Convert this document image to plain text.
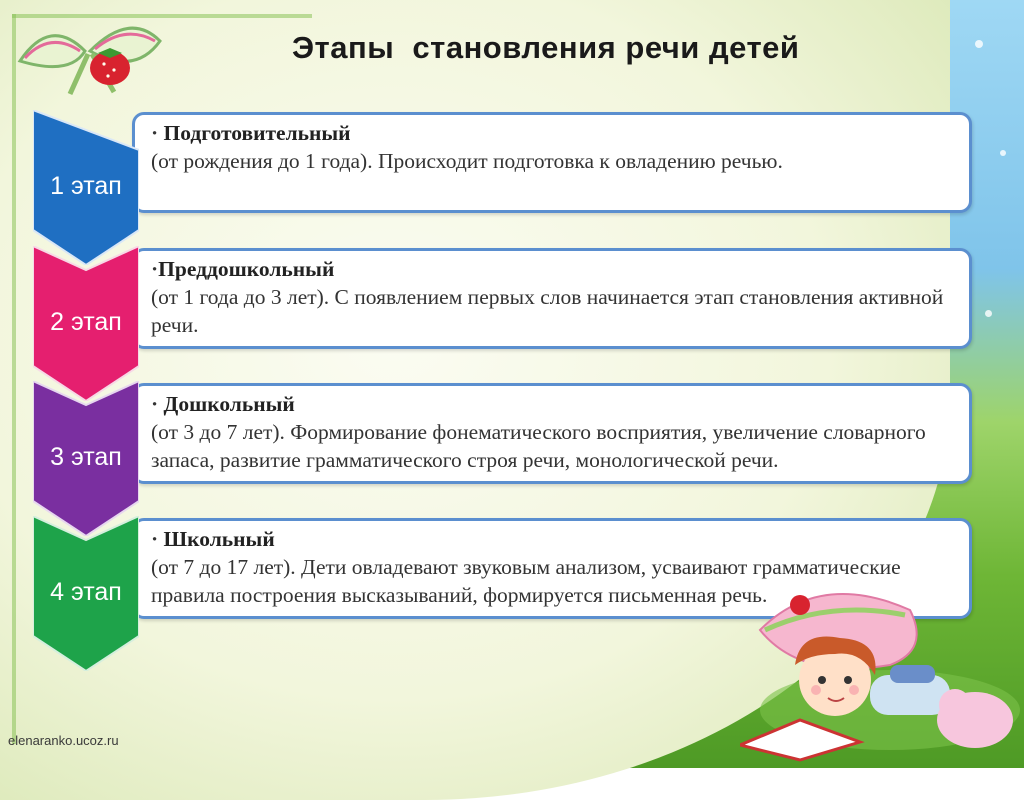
Этапы  становления речи детей
· Подготовительный
(от рождения до 1 года). Происходит подготовка к овладению речью.
1 этап
·Преддошкольный
(от 1 года до 3 лет). С появлением первых слов начинается этап становления активной речи.
2 этап
· Дошкольный
(от 3 до 7 лет). Формирование фонематического восприятия, увеличение словарного запаса, развитие грамматического строя речи, монологической речи.
3 этап
· Школьный
(от 7 до 17 лет). Дети овладевают звуковым анализом, усваивают грамматические правила построения высказываний, формируется письменная речь.
4 этап
elenaranko.ucoz.ru
